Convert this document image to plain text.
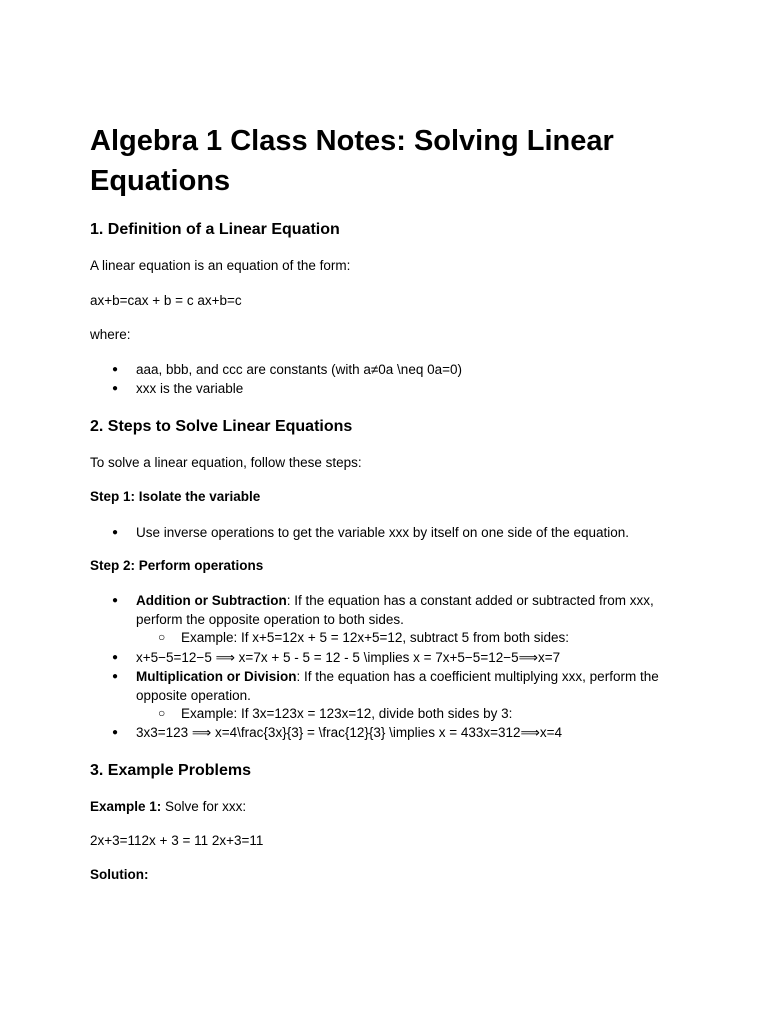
Algebra 1 Class Notes: Solving Linear Equations
1. Definition of a Linear Equation

A linear equation is an equation of the form:

ax+b=cax + b = c ax+b=c

where:

● aaa, bbb, and ccc are constants (with a≠0a \neq 0a=0)
● xxx is the variable
2. Steps to Solve Linear Equations

To solve a linear equation, follow these steps:

Step 1: Isolate the variable

● Use inverse operations to get the variable xxx by itself on one side of the equation.

Step 2: Perform operations

● Addition or Subtraction: If the equation has a constant added or subtracted from xxx, perform the opposite operation to both sides.
○ Example: If x+5=12x + 5 = 12x+5=12, subtract 5 from both sides:
● x+5−5=12−5 ⟹ x=7x + 5 - 5 = 12 - 5 \implies x = 7x+5−5=12−5⟹x=7
● Multiplication or Division: If the equation has a coefficient multiplying xxx, perform the opposite operation.
○ Example: If 3x=123x = 123x=12, divide both sides by 3:
● 3x3=123 ⟹ x=4\frac{3x}{3} = \frac{12}{3} \implies x = 433x=312⟹x=4
3. Example Problems

Example 1: Solve for xxx:

2x+3=112x + 3 = 11 2x+3=11

Solution:
